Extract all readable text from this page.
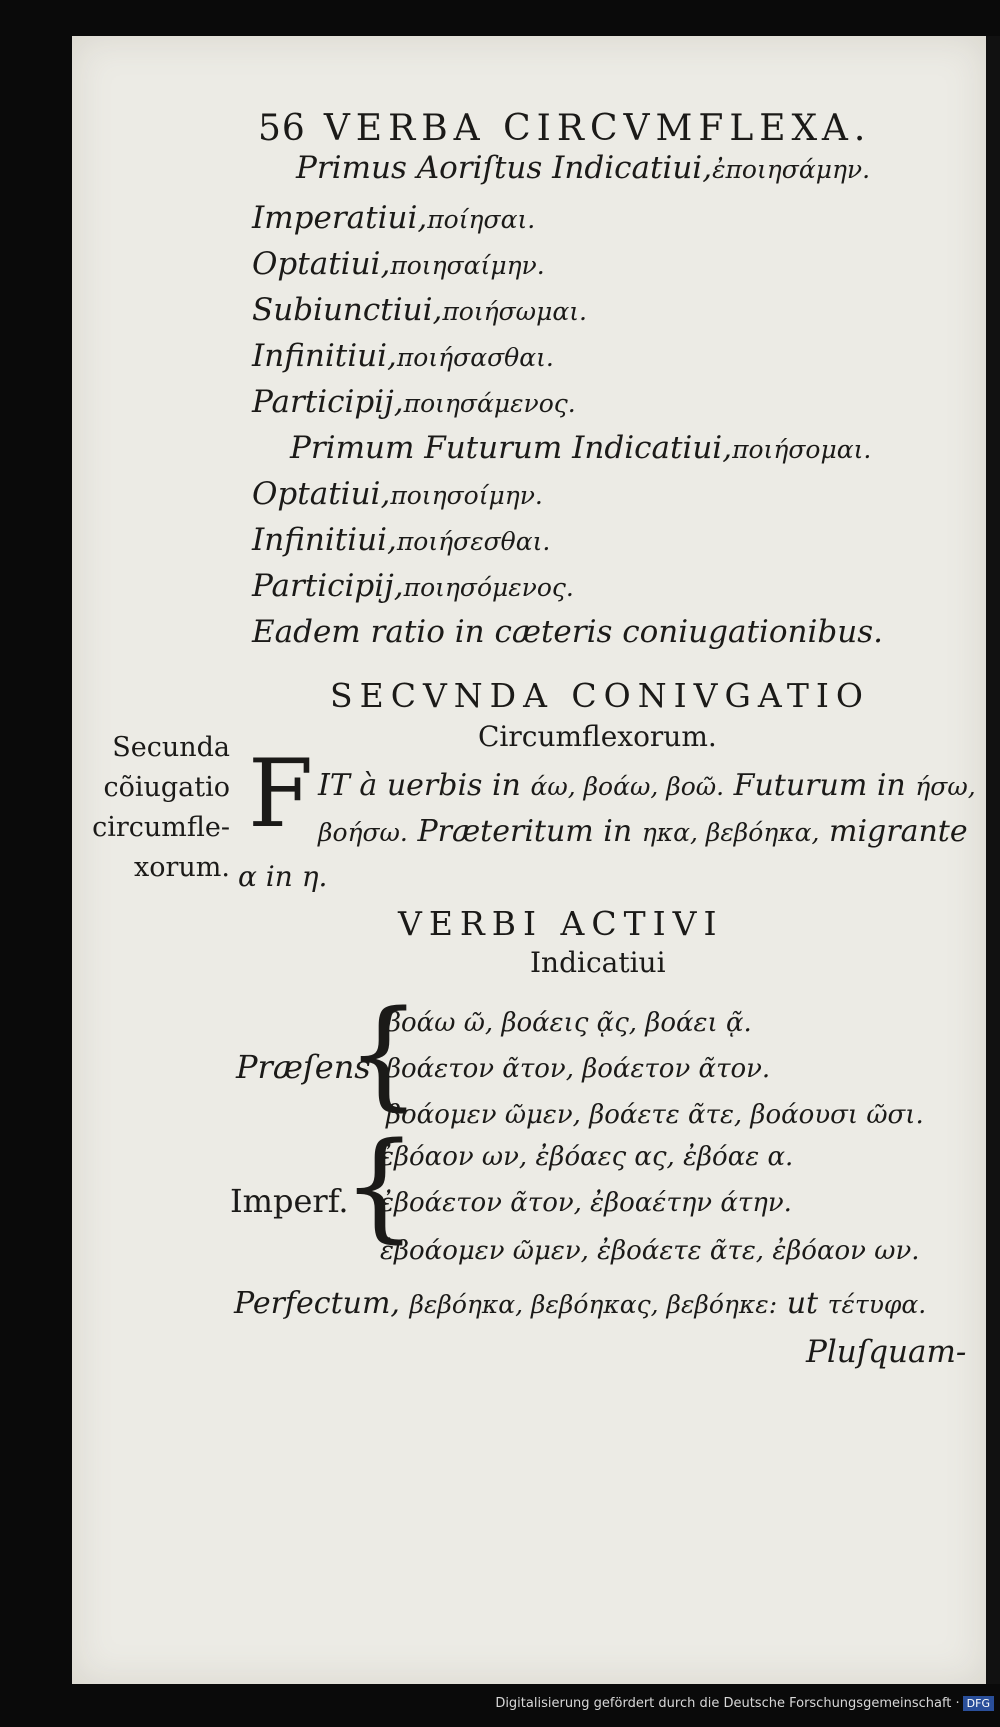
56 VERBA CIRCVMFLEXA.
Primus Aoriſtus Indicatiui,ἐποιησάμην.
Imperatiui,ποίησαι.
Optatiui,ποιησαίμην.
Subiunctiui,ποιήσωμαι.
Infinitiui,ποιήσασθαι.
Participij,ποιησάμενος.
Primum Futurum Indicatiui,ποιήσομαι.
Optatiui,ποιησοίμην.
Infinitiui,ποιήσεσθαι.
Participij,ποιησόμενος.
Eadem ratio in cæteris coniugationibus.
SECVNDA CONIVGATIO
Circumflexorum.
Secunda
cõiugatio
circumfle-
xorum.
F IT à uerbis in άω, βοάω, βοῶ. Futurum in ήσω,
βοήσω. Præteritum in ηκα, βεβόηκα, migrante
α in η.
VERBI ACTIVI
Indicatiui
Præſens
{
βοάω ῶ, βοάεις ᾷς, βοάει ᾷ.
βοάετον ᾶτον, βοάετον ᾶτον.
βοάομεν ῶμεν, βοάετε ᾶτε, βοάουσι ῶσι.
Imperf.
{
ἐβόαον ων, ἐβόαες ας, ἐβόαε α.
ἐβοάετον ᾶτον, ἐβοαέτην άτην.
ἐβοάομεν ῶμεν, ἐβοάετε ᾶτε, ἐβόαον ων.
Perfectum, βεβόηκα, βεβόηκας, βεβόηκε: ut τέτυφα.
Pluſquam-
Digitalisierung gefördert durch die Deutsche Forschungsgemeinschaft · DFG
